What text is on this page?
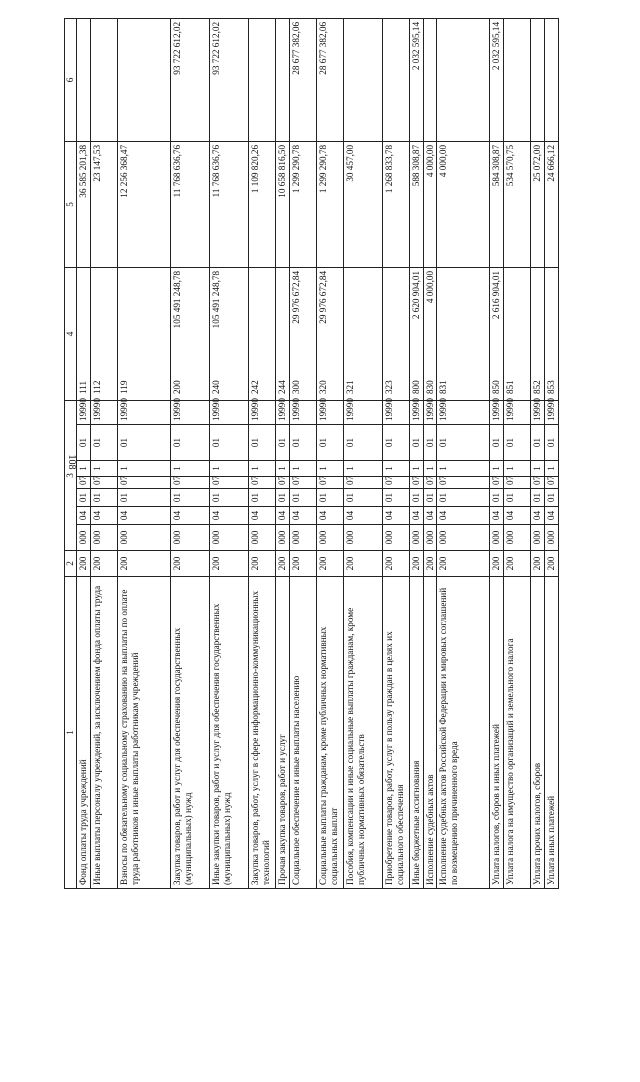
108
1	2	3							4	5	6
Фонд оплаты труда учреждений	200	000	04	01	07	1	01	19990111		36 585 201,38	
Иные выплаты персоналу учреждений, за исключением фонда оплаты труда	200	000	04	01	07	1	01	19990112		23 147,53	
Взносы по обязательному социальному страхованию на выплаты по оплате труда работников и иные выплаты работникам учреждений	200	000	04	01	07	1	01	19990119		12 256 368,47	
Закупка товаров, работ и услуг для обеспечения государственных (муниципальных) нужд	200	000	04	01	07	1	01	19990200	105 491 248,78	11 768 636,76	93 722 612,02
Иные закупки товаров, работ и услуг для обеспечения государственных (муниципальных) нужд	200	000	04	01	07	1	01	19990240	105 491 248,78	11 768 636,76	93 722 612,02
Закупка товаров, работ, услуг в сфере информационно-коммуникационных технологий	200	000	04	01	07	1	01	19990242		1 109 820,26	
Прочая закупка товаров, работ и услуг	200	000	04	01	07	1	01	19990244		10 658 816,50	
Социальное обеспечение и иные выплаты населению	200	000	04	01	07	1	01	19990300	29 976 672,84	1 299 290,78	28 677 382,06
Социальные выплаты гражданам, кроме публичных нормативных социальных выплат	200	000	04	01	07	1	01	19990320	29 976 672,84	1 299 290,78	28 677 382,06
Пособия, компенсации и иные социальные выплаты гражданам, кроме публичных нормативных обязательств	200	000	04	01	07	1	01	19990321		30 457,00	
Приобретение товаров, работ, услуг в пользу граждан в целях их социального обеспечения	200	000	04	01	07	1	01	19990323		1 268 833,78	
Иные бюджетные ассигнования	200	000	04	01	07	1	01	19990800	2 620 904,01	588 308,87	2 032 595,14
Исполнение судебных актов	200	000	04	01	07	1	01	19990830	4 000,00	4 000,00	
Исполнение судебных актов Российской Федерации и мировых соглашений по возмещению причиненного вреда	200	000	04	01	07	1	01	19990831		4 000,00	
Уплата налогов, сборов и иных платежей	200	000	04	01	07	1	01	19990850	2 616 904,01	584 308,87	2 032 595,14
Уплата налога на имущество организаций и земельного налога	200	000	04	01	07	1	01	19990851		534 570,75	
Уплата прочих налогов, сборов	200	000	04	01	07	1	01	19990852		25 072,00	
Уплата иных платежей	200	000	04	01	07	1	01	19990853		24 666,12	
